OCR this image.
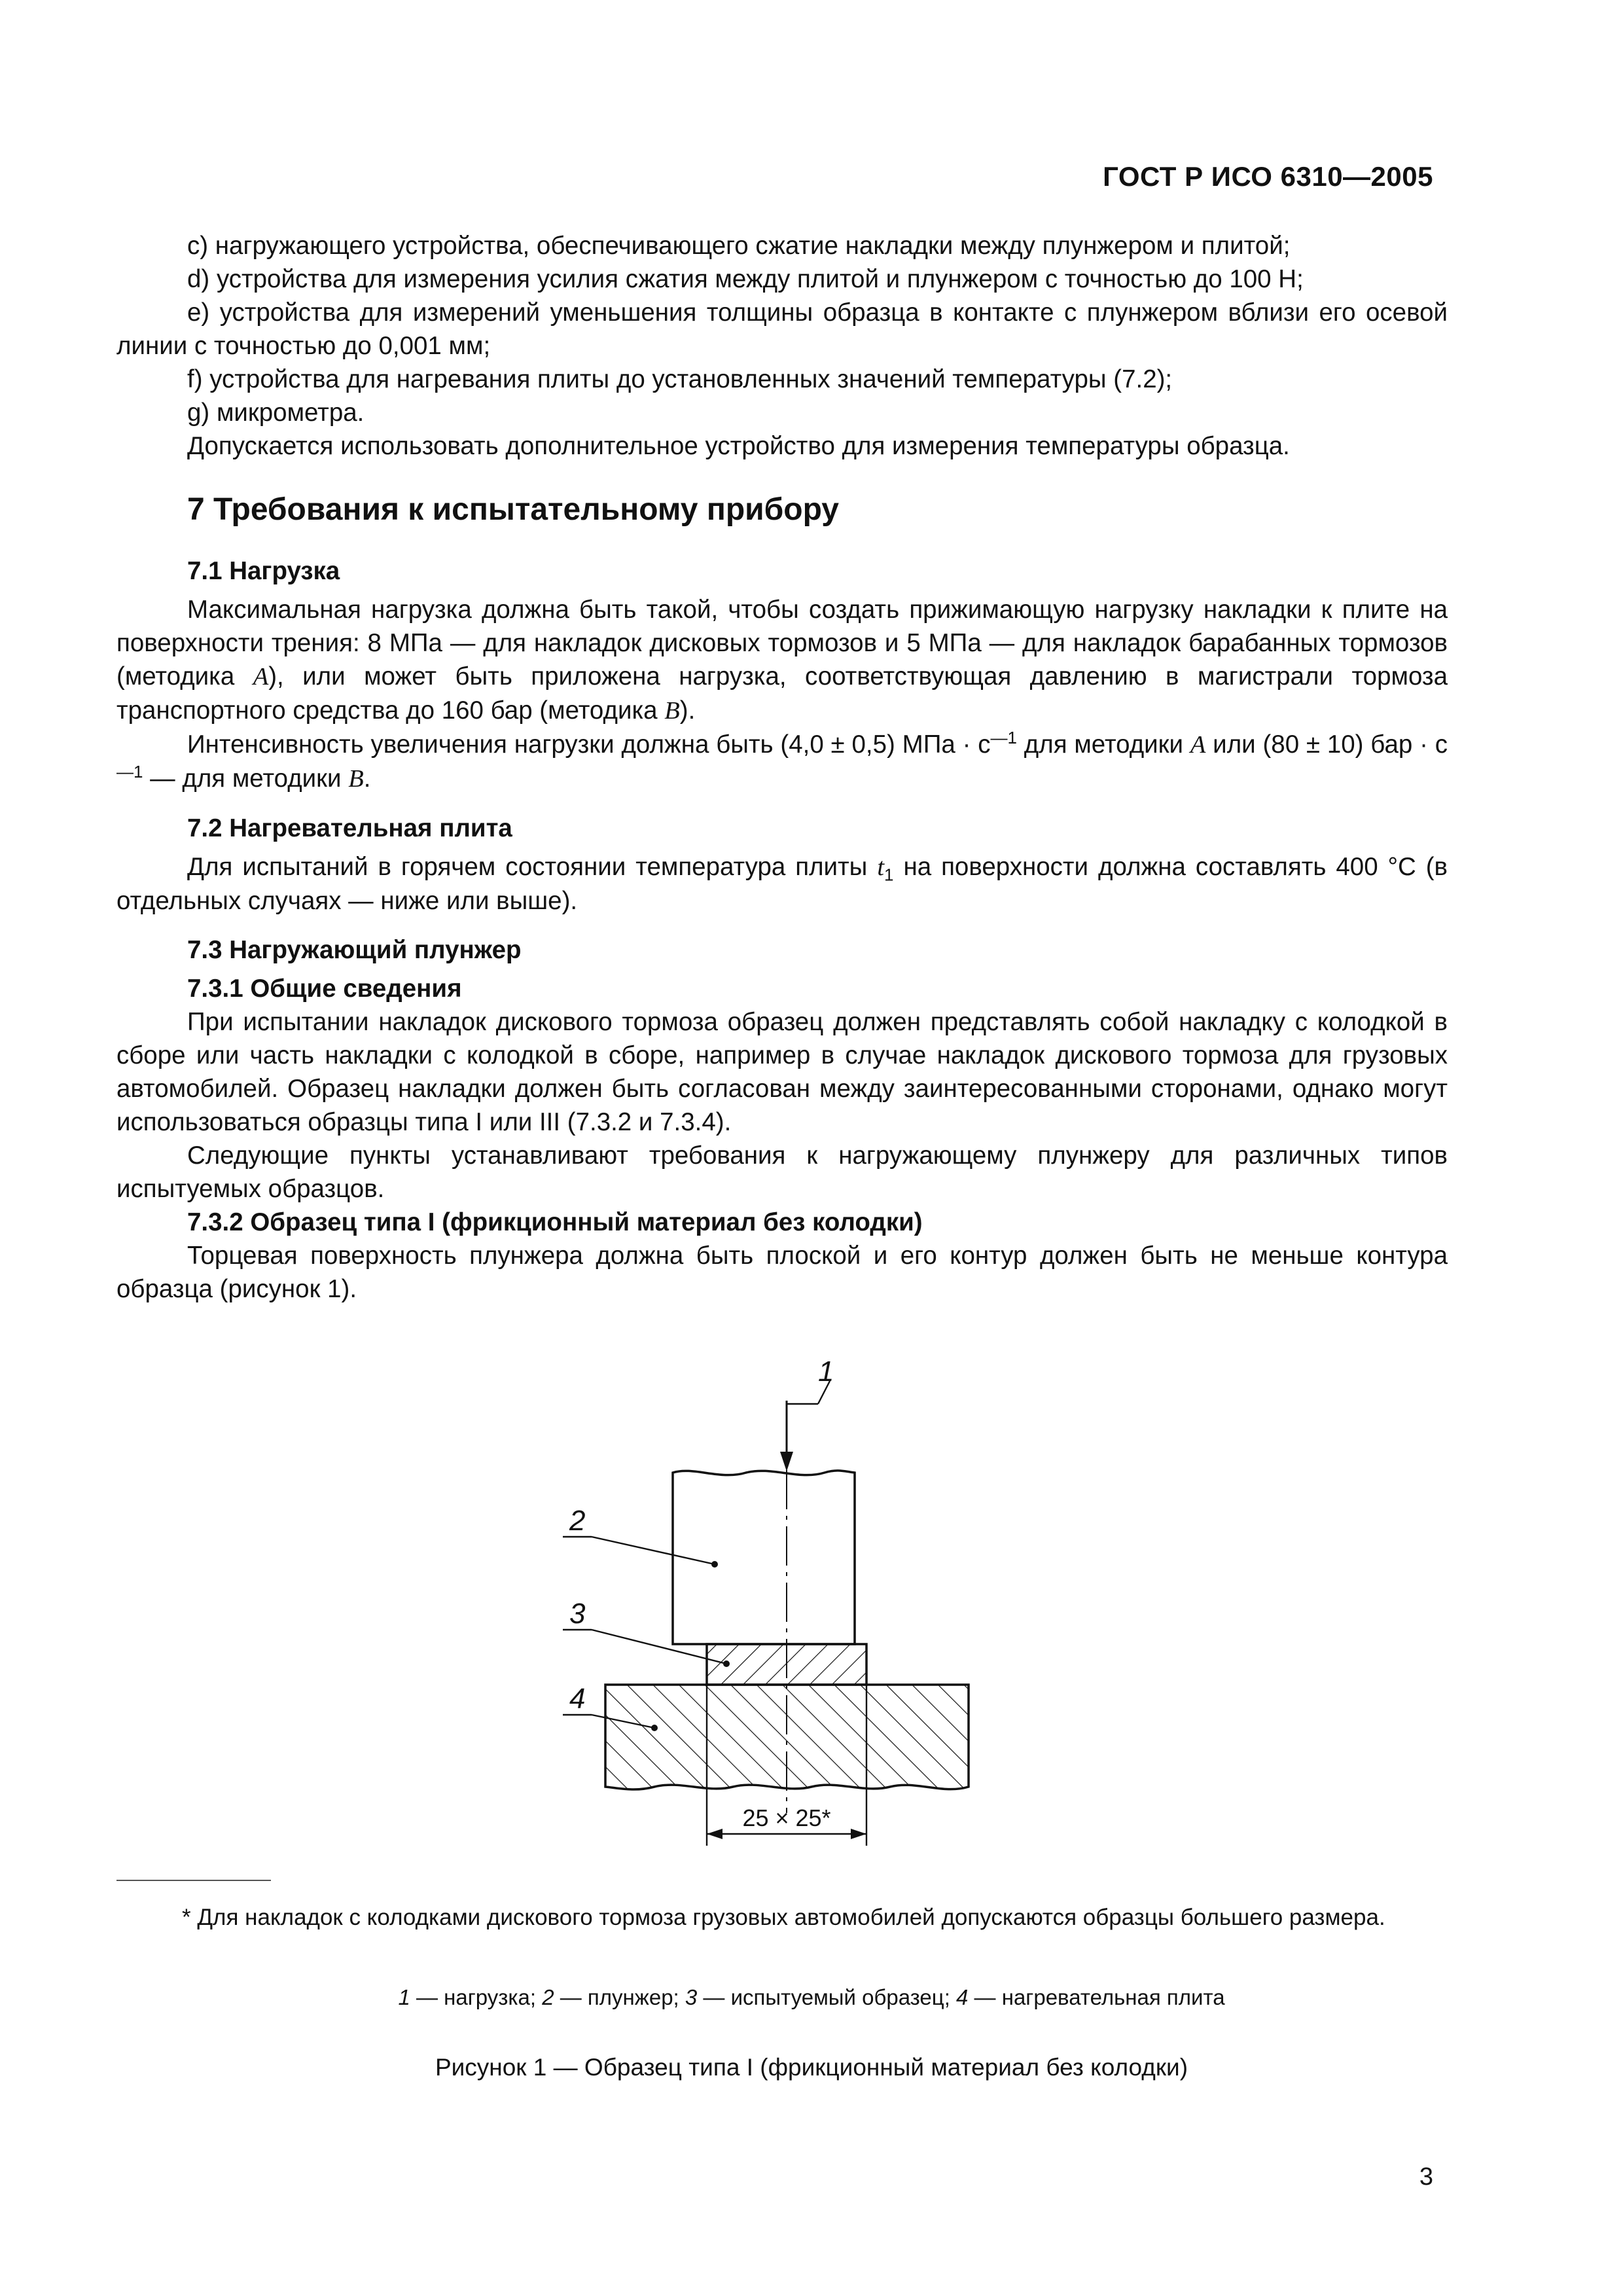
ГОСТ Р ИСО 6310—2005

c) нагружающего устройства, обеспечивающего сжатие накладки между плунжером и плитой;

d) устройства для измерения усилия сжатия между плитой и плунжером с точностью до 100 Н;

е) устройства для измерений уменьшения толщины образца в контакте с плунжером вблизи его осевой линии с точностью до 0,001 мм;

f) устройства для нагревания плиты до установленных значений температуры (7.2);

g) микрометра.

Допускается использовать дополнительное устройство для измерения температуры образца.

7 Требования к испытательному прибору
7.1 Нагрузка

Максимальная нагрузка должна быть такой, чтобы создать прижимающую нагрузку накладки к плите на поверхности трения: 8 МПа — для накладок дисковых тормозов и 5 МПа — для накладок барабанных тормозов (методика A), или может быть приложена нагрузка, соответствующая давлению в магистрали тормоза транспортного средства до 160 бар (методика B).

Интенсивность увеличения нагрузки должна быть (4,0 ± 0,5) МПа · $с^{—1}$ для методики A или (80 ± 10) бар · $с^{—1}$ — для методики B.

7.2 Нагревательная плита

Для испытаний в горячем состоянии температура плиты $t_1$ на поверхности должна составлять 400 °С (в отдельных случаях — ниже или выше).

7.3 Нагружающий плунжер
7.3.1 Общие сведения

При испытании накладок дискового тормоза образец должен представлять собой накладку с колодкой в сборе или часть накладки с колодкой в сборе, например в случае накладок дискового тормоза для грузовых автомобилей. Образец накладки должен быть согласован между заинтересованными сторонами, однако могут использоваться образцы типа I или III (7.3.2 и 7.3.4).

Следующие пункты устанавливают требования к нагружающему плунжеру для различных типов испытуемых образцов.

7.3.2 Образец типа I (фрикционный материал без колодки)

Торцевая поверхность плунжера должна быть плоской и его контур должен быть не меньше контура образца (рисунок 1).

1
2
3
4
25 × 25*

* Для накладок с колодками дискового тормоза грузовых автомобилей допускаются образцы большего размера.

1 — нагрузка; 2 — плунжер; 3 — испытуемый образец; 4 — нагревательная плита
Рисунок 1 — Образец типа I (фрикционный материал без колодки)
3
